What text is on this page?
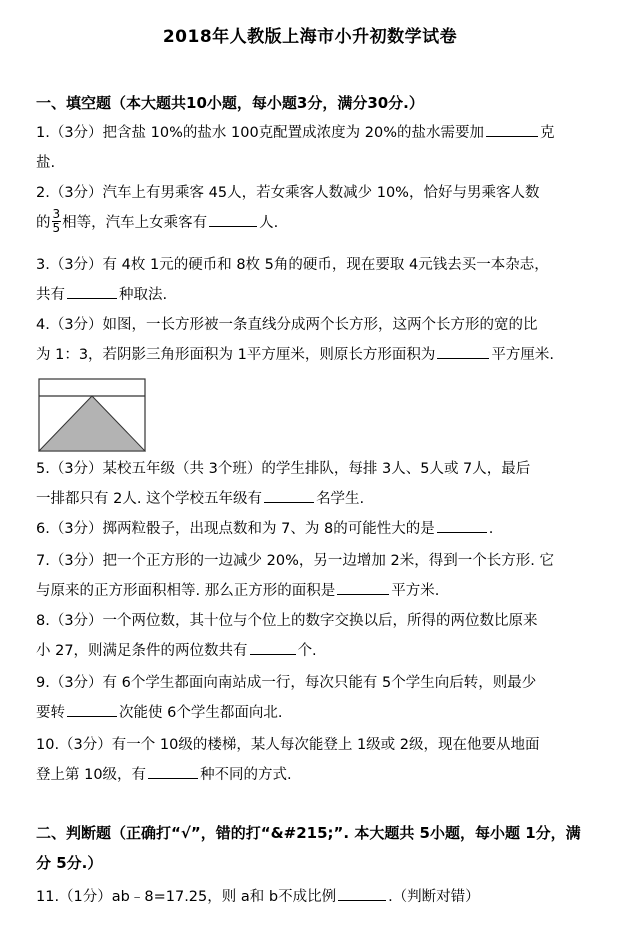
2018年人教版上海市小升初数学试卷
一、填空题（本大题共10小题，每小题3分，满分30分.）
1.（3分）把含盐 10%的盐水 100克配置成浓度为 20%的盐水需要加	克
盐.
2.（3分）汽车上有男乘客 45人，若女乘客人数减少 10%，恰好与男乘客人数
的 $\frac{3}{5}$ 相等，汽车上女乘客有	人.
3.（3分）有 4枚 1元的硬币和 8枚 5角的硬币，现在要取 4元钱去买一本杂志，
共有	种取法.
4.（3分）如图，一长方形被一条直线分成两个长方形，这两个长方形的宽的比
为 1：3，若阴影三角形面积为 1平方厘米，则原长方形面积为	平方厘米.
5.（3分）某校五年级（共 3个班）的学生排队，每排 3人、5人或 7人，最后
一排都只有 2人. 这个学校五年级有	名学生.
6.（3分）掷两粒骰子，出现点数和为 7、为 8的可能性大的是	.
7.（3分）把一个正方形的一边减少 20%，另一边增加 2米，得到一个长方形. 它
与原来的正方形面积相等. 那么正方形的面积是	平方米.
8.（3分）一个两位数，其十位与个位上的数字交换以后，所得的两位数比原来
小 27，则满足条件的两位数共有	个.
9.（3分）有 6个学生都面向南站成一行，每次只能有 5个学生向后转，则最少
要转	次能使 6个学生都面向北.
10.（3分）有一个 10级的楼梯，某人每次能登上 1级或 2级，现在他要从地面
登上第 10级，有	种不同的方式.
二、判断题（正确打“√”，错的打“&#215;”. 本大题共 5小题，每小题 1分，满
分 5分.）
11.（1分）ab﹣8=17.25，则 a和 b不成比例	.（判断对错）
